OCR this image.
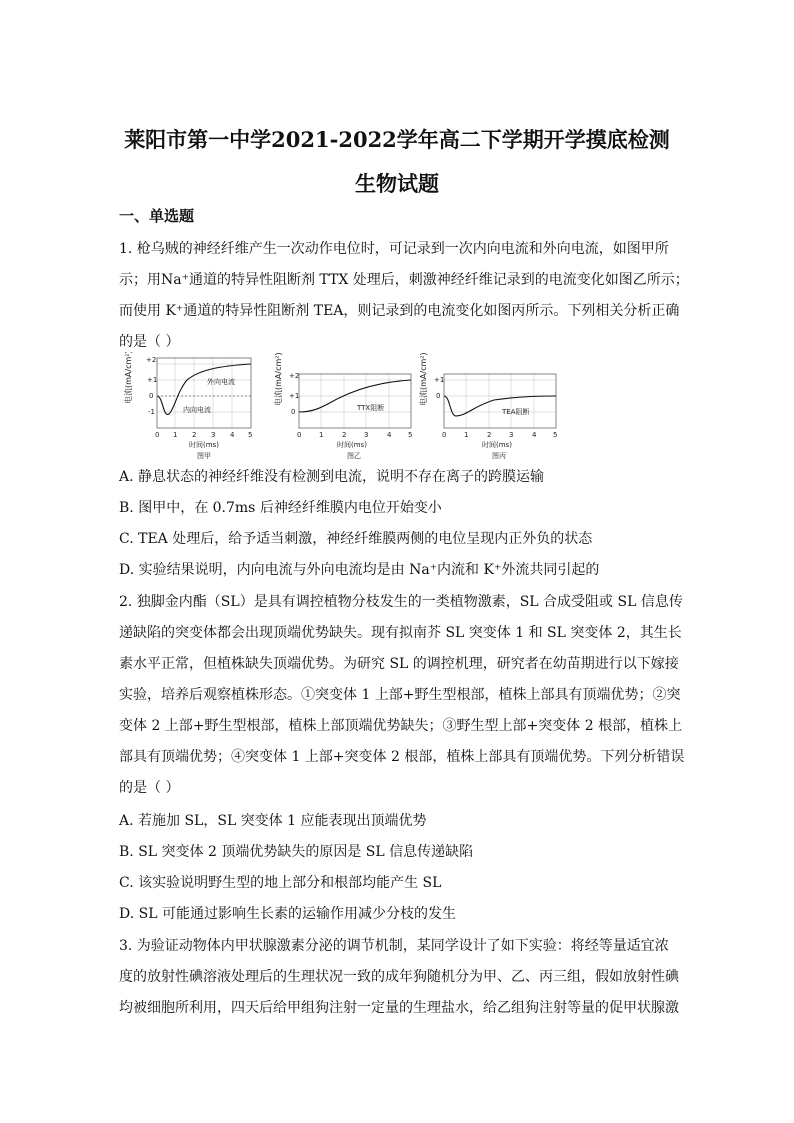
莱阳市第一中学2021-2022学年高二下学期开学摸底检测
生物试题
一、单选题
1. 枪乌贼的神经纤维产生一次动作电位时，可记录到一次内向电流和外向电流，如图甲所
示；用Na⁺通道的特异性阻断剂 TTX 处理后，刺激神经纤维记录到的电流变化如图乙所示；
而使用 K⁺通道的特异性阻断剂 TEA，则记录到的电流变化如图丙所示。下列相关分析正确
的是（ ）
电流(mA/cm²) +2
+1
0
-1
外向电流
内向电流
0 1 2 3 4 5
时间(ms)
图甲
电流(mA/cm²) +2
+1
0	TTX阻断
0	1	2	3	4 5
时间(ms)
图乙
电流(mA/cm²) +1
0
TEA阻断
0	1	2	3	4 5
时间(ms)
图丙
A. 静息状态的神经纤维没有检测到电流，说明不存在离子的跨膜运输
B. 图甲中，在 0.7ms 后神经纤维膜内电位开始变小
C. TEA 处理后，给予适当刺激，神经纤维膜两侧的电位呈现内正外负的状态
D. 实验结果说明，内向电流与外向电流均是由 Na⁺内流和 K⁺外流共同引起的
2. 独脚金内酯（SL）是具有调控植物分枝发生的一类植物激素，SL 合成受阻或 SL 信息传
递缺陷的突变体都会出现顶端优势缺失。现有拟南芥 SL 突变体 1 和 SL 突变体 2，其生长
素水平正常，但植株缺失顶端优势。为研究 SL 的调控机理，研究者在幼苗期进行以下嫁接
实验，培养后观察植株形态。①突变体 1 上部+野生型根部，植株上部具有顶端优势；②突
变体 2 上部+野生型根部，植株上部顶端优势缺失；③野生型上部+突变体 2 根部，植株上
部具有顶端优势；④突变体 1 上部+突变体 2 根部，植株上部具有顶端优势。下列分析错误
的是（ ）
A. 若施加 SL，SL 突变体 1 应能表现出顶端优势
B. SL 突变体 2 顶端优势缺失的原因是 SL 信息传递缺陷
C. 该实验说明野生型的地上部分和根部均能产生 SL
D. SL 可能通过影响生长素的运输作用减少分枝的发生
3. 为验证动物体内甲状腺激素分泌的调节机制，某同学设计了如下实验：将经等量适宜浓
度的放射性碘溶液处理后的生理状况一致的成年狗随机分为甲、乙、丙三组，假如放射性碘
均被细胞所利用，四天后给甲组狗注射一定量的生理盐水，给乙组狗注射等量的促甲状腺激
